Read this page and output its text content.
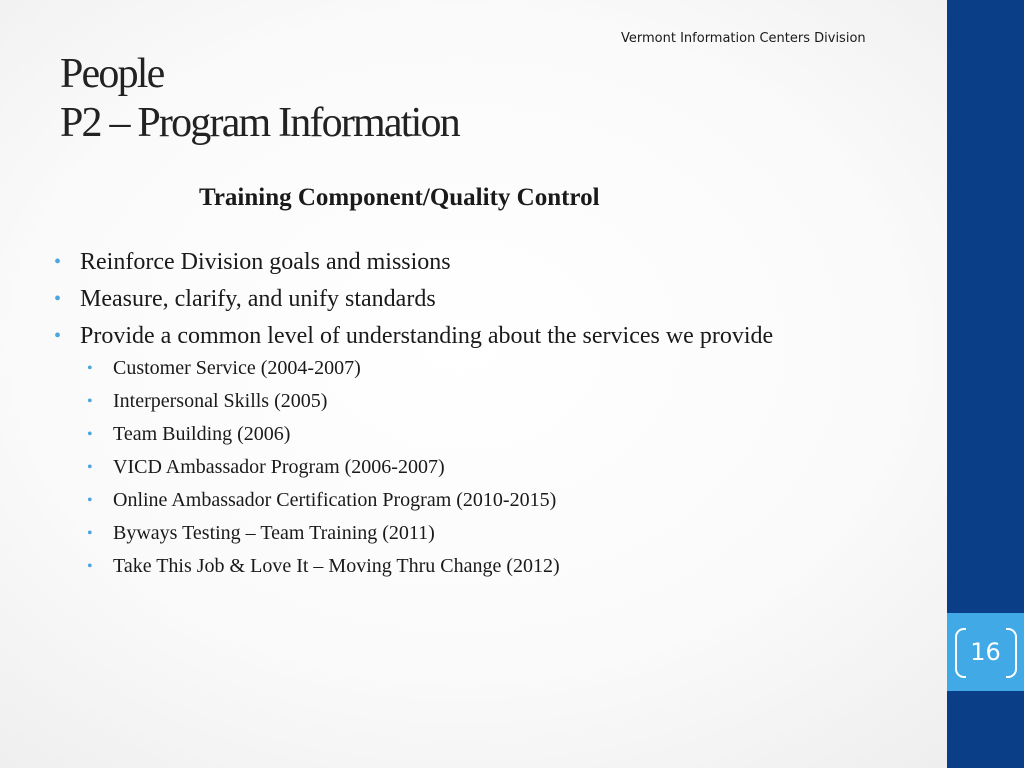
16
Vermont Information Centers Division
People
P2 – Program Information
Training Component/Quality Control
• Reinforce Division goals and missions
• Measure, clarify, and unify standards
• Provide a common level of understanding about the services we provide
• Customer Service (2004-2007)
• Interpersonal Skills (2005)
• Team Building (2006)
• VICD Ambassador Program (2006-2007)
• Online Ambassador Certification Program (2010-2015)
• Byways Testing – Team Training (2011)
• Take This Job & Love It – Moving Thru Change (2012)
